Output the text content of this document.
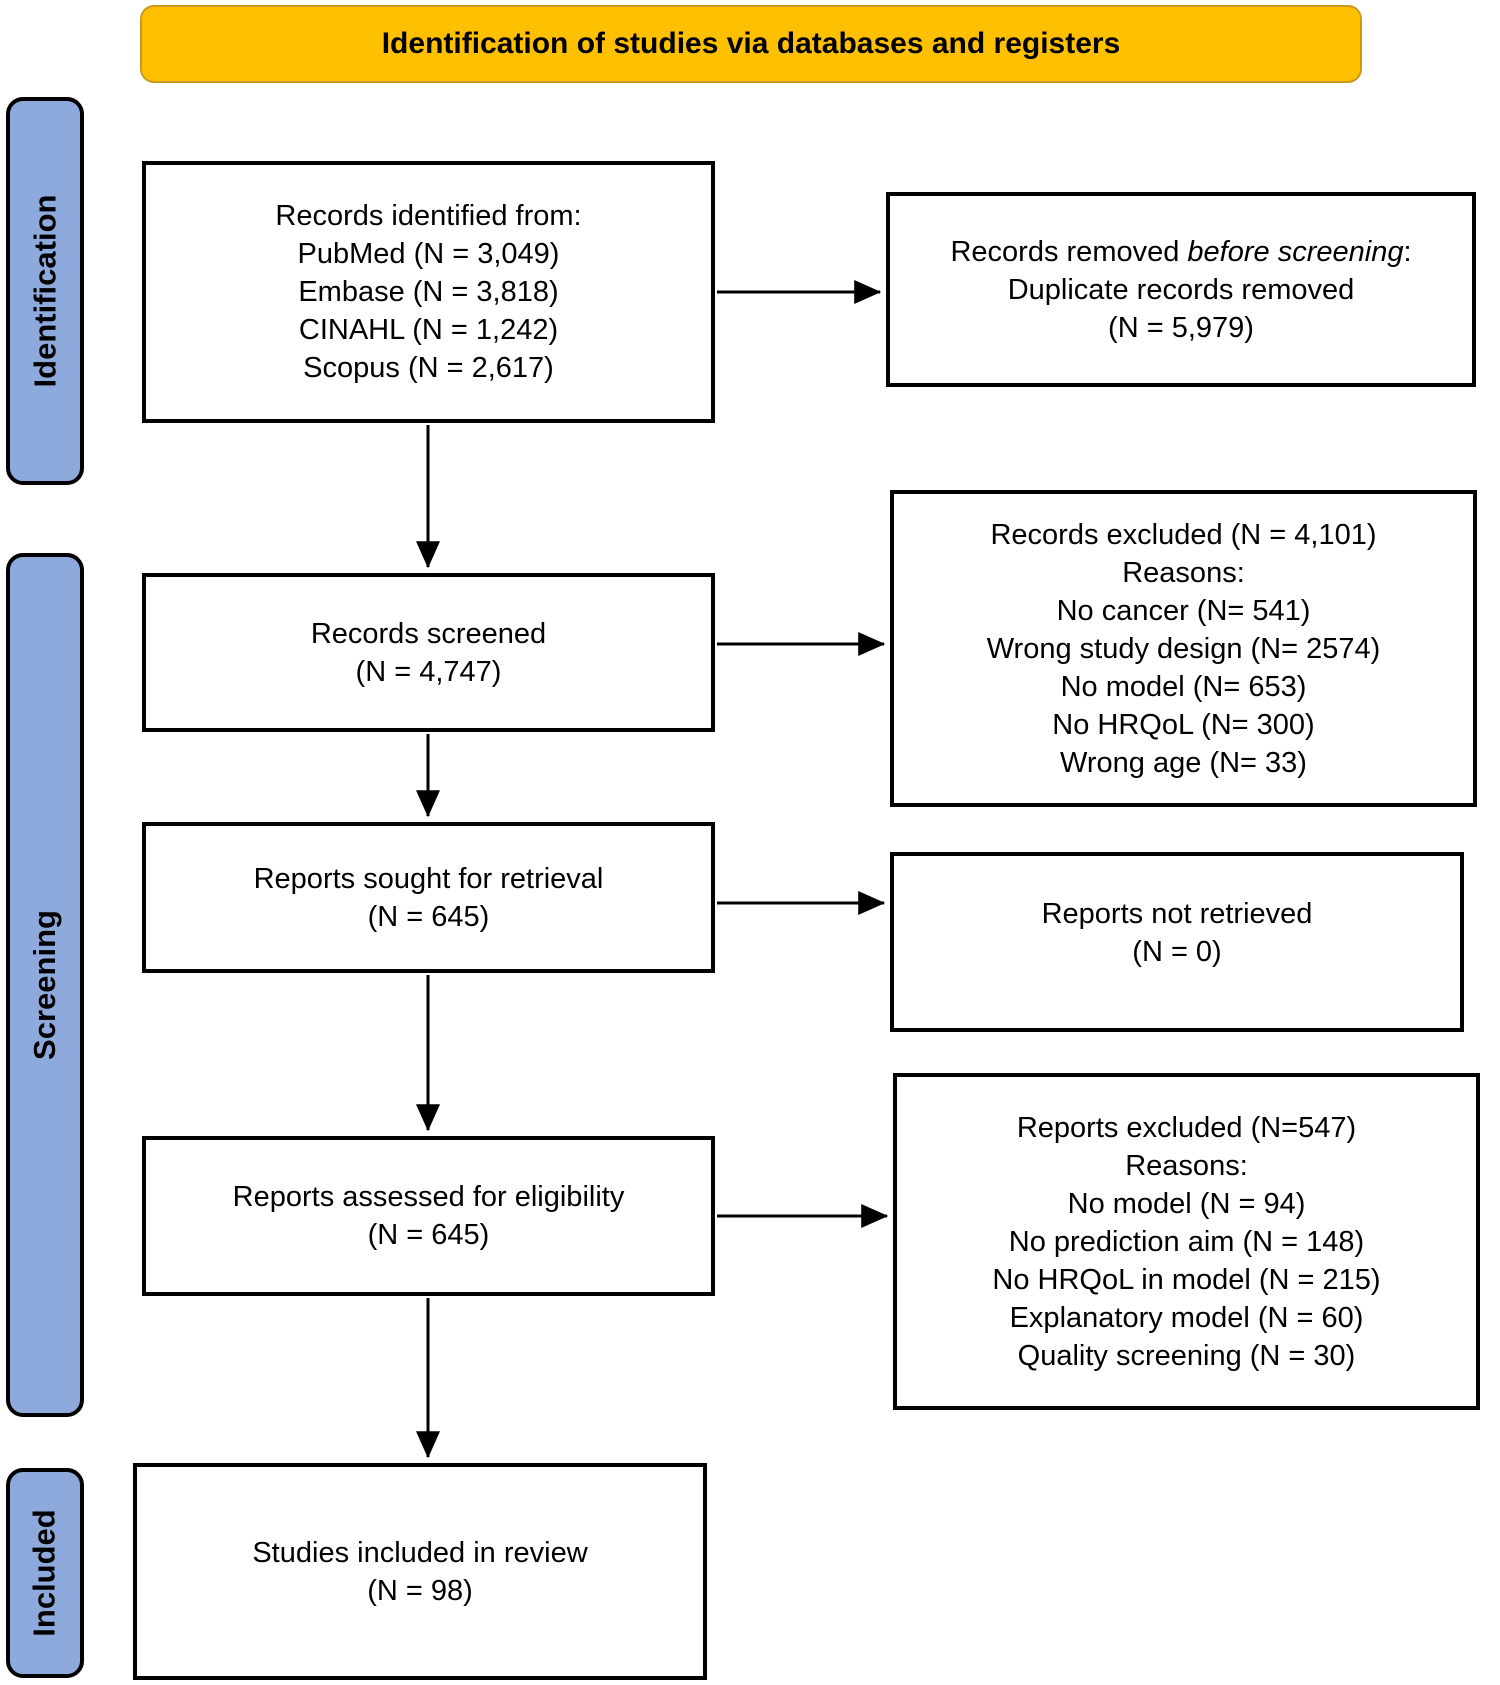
Identification of studies via databases and registers
Identification
Screening
Included
Records identified from:
PubMed (N = 3,049)
Embase (N = 3,818)
CINAHL (N = 1,242)
Scopus (N = 2,617)
Records removed before screening:
Duplicate records removed
(N = 5,979)
Records screened
(N = 4,747)
Records excluded (N = 4,101)
Reasons:
No cancer (N= 541)
Wrong study design (N= 2574)
No model (N= 653)
No HRQoL (N= 300)
Wrong age (N= 33)
Reports sought for retrieval
(N = 645)	Reports not retrieved
(N = 0)
Reports assessed for eligibility
(N = 645)
Reports excluded (N=547)
Reasons:
No model (N = 94)
No prediction aim (N = 148)
No HRQoL in model (N = 215)
Explanatory model (N = 60)
Quality screening (N = 30)
Studies included in review
(N = 98)
